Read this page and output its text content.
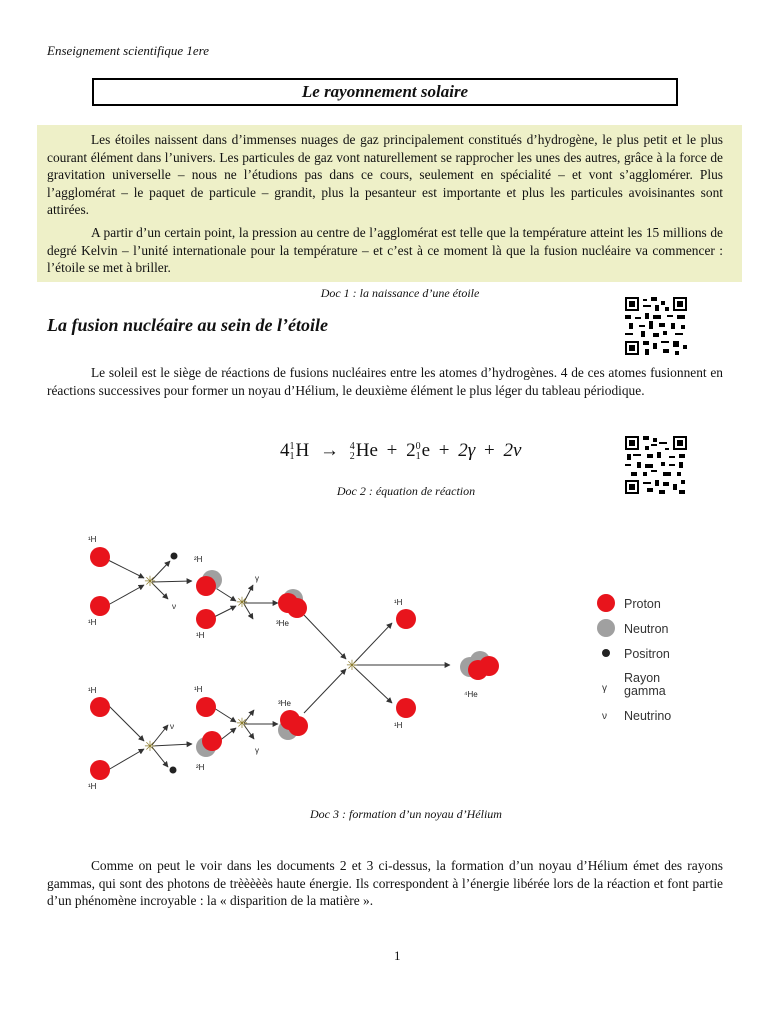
Enseignement scientifique 1ere
Le rayonnement solaire

Les étoiles naissent dans d’immenses nuages de gaz principalement constitués d’hydrogène, le plus petit et le plus courant élément dans l’univers. Les particules de gaz vont naturellement se rapprocher les unes des autres, grâce à la force de gravitation universelle – nous ne l’étudions pas dans ce cours, seulement en spécialité – et vont s’agglomérer. Plus l’agglomérat – le paquet de particule – grandit, plus la pesanteur est importante et plus les particules avoisinantes sont attirées.

A partir d’un certain point, la pression au centre de l’agglomérat est telle que la température atteint les 15 millions de degré Kelvin – l’unité internationale pour la température – et c’est à ce moment là que la fusion nucléaire va commencer : l’étoile se met à briller.

Doc 1 : la naissance d’une étoile
La fusion nucléaire au sein de l’étoile

Le soleil est le siège de réactions de fusions nucléaires entre les atomes d’hydrogènes. 4 de ces atomes fusionnent en réactions successives pour former un noyau d’Hélium, le deuxième élément le plus léger du tableau périodique.

4 1
1 H → 4
2 He + 2 0
1 e + 2γ + 2ν
Doc 2 : équation de réaction
✳
✳
✳
✳
✳
¹H
¹H
²H
¹H
³He
¹H
¹H
¹H
²H
³He
¹H
¹H
⁴He
ν
ν
γ
γ
Proton
Neutron
Positron
γ
Rayon
gamma
ν Neutrino
Doc 3 : formation d’un noyau d’Hélium

Comme on peut le voir dans les documents 2 et 3 ci-dessus, la formation d’un noyau d’Hélium émet des rayons gammas, qui sont des photons de trèèèèès haute énergie. Ils correspondent à l’énergie libérée lors de la réaction et font partie d’un phénomène incroyable : la « disparition de la matière ».

1
